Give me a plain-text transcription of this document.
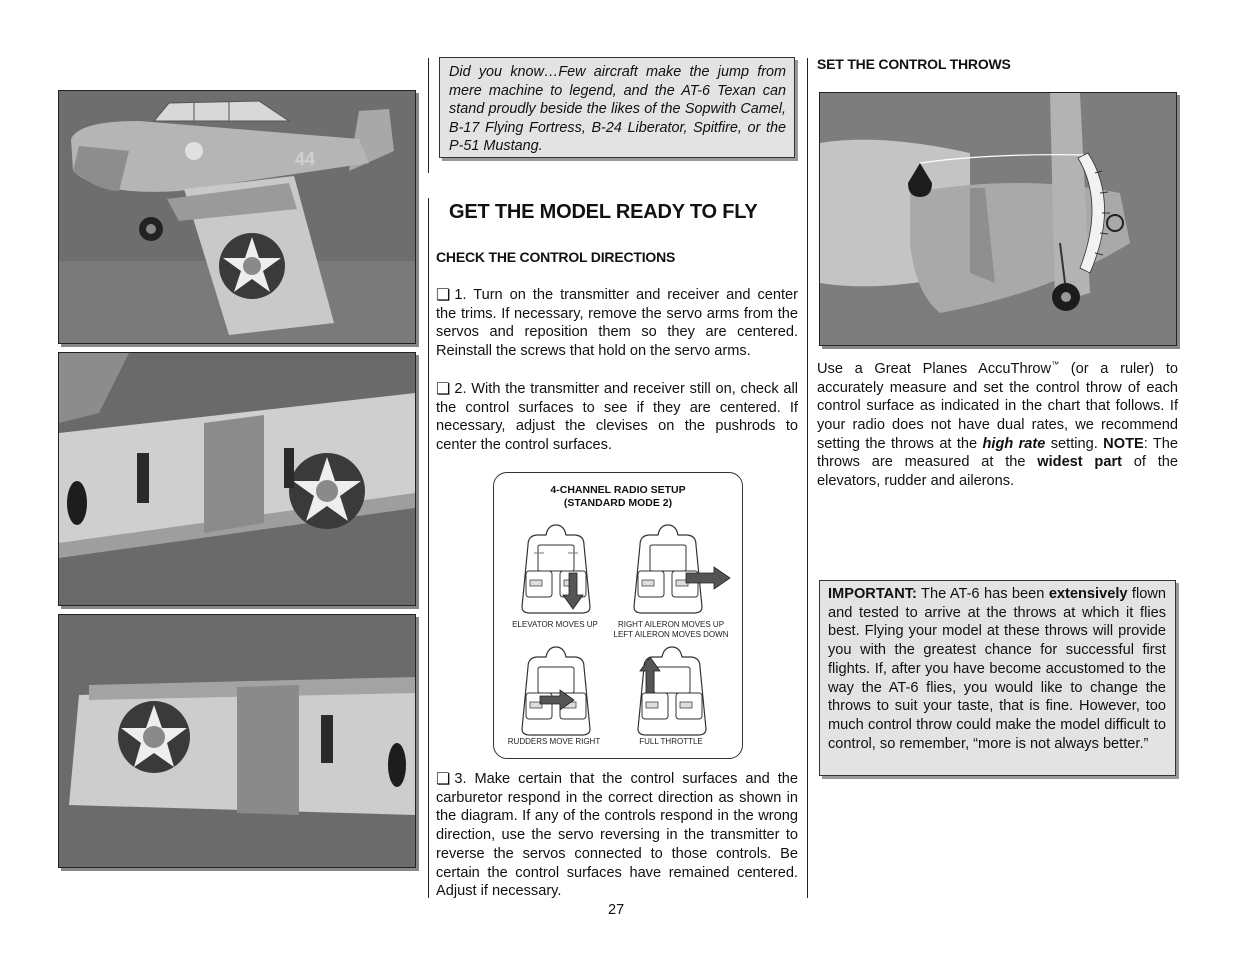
44
Did you know…Few aircraft make the jump from mere machine to legend, and the AT-6 Texan can stand proudly beside the likes of the Sopwith Camel, B-17 Flying Fortress, B-24 Liberator, Spitfire, or the P-51 Mustang.
GET THE MODEL READY TO FLY
CHECK THE CONTROL DIRECTIONS
❏ 1. Turn on the transmitter and receiver and center the trims. If necessary, remove the servo arms from the servos and reposition them so they are centered. Reinstall the screws that hold on the servo arms.
❏ 2. With the transmitter and receiver still on, check all the control surfaces to see if they are centered. If necessary, adjust the clevises on the pushrods to center the control surfaces.
4-CHANNEL RADIO SETUP
(STANDARD MODE 2)
ELEVATOR MOVES UP	RIGHT AILERON MOVES UP
LEFT AILERON MOVES DOWN
RUDDERS MOVE RIGHT	FULL THROTTLE
❏ 3. Make certain that the control surfaces and the carburetor respond in the correct direction as shown in the diagram. If any of the controls respond in the wrong direction, use the servo reversing in the transmitter to reverse the servos connected to those controls. Be certain the control surfaces have remained centered. Adjust if necessary.
27
SET THE CONTROL THROWS
Use a Great Planes AccuThrow™ (or a ruler) to accurately measure and set the control throw of each control surface as indicated in the chart that follows. If your radio does not have dual rates, we recommend setting the throws at the high rate setting. NOTE: The throws are measured at the widest part of the elevators, rudder and ailerons.
IMPORTANT: The AT-6 has been extensively flown and tested to arrive at the throws at which it flies best. Flying your model at these throws will provide you with the greatest chance for successful first flights. If, after you have become accustomed to the way the AT-6 flies, you would like to change the throws to suit your taste, that is fine. However, too much control throw could make the model difficult to control, so remember, “more is not always better.”
